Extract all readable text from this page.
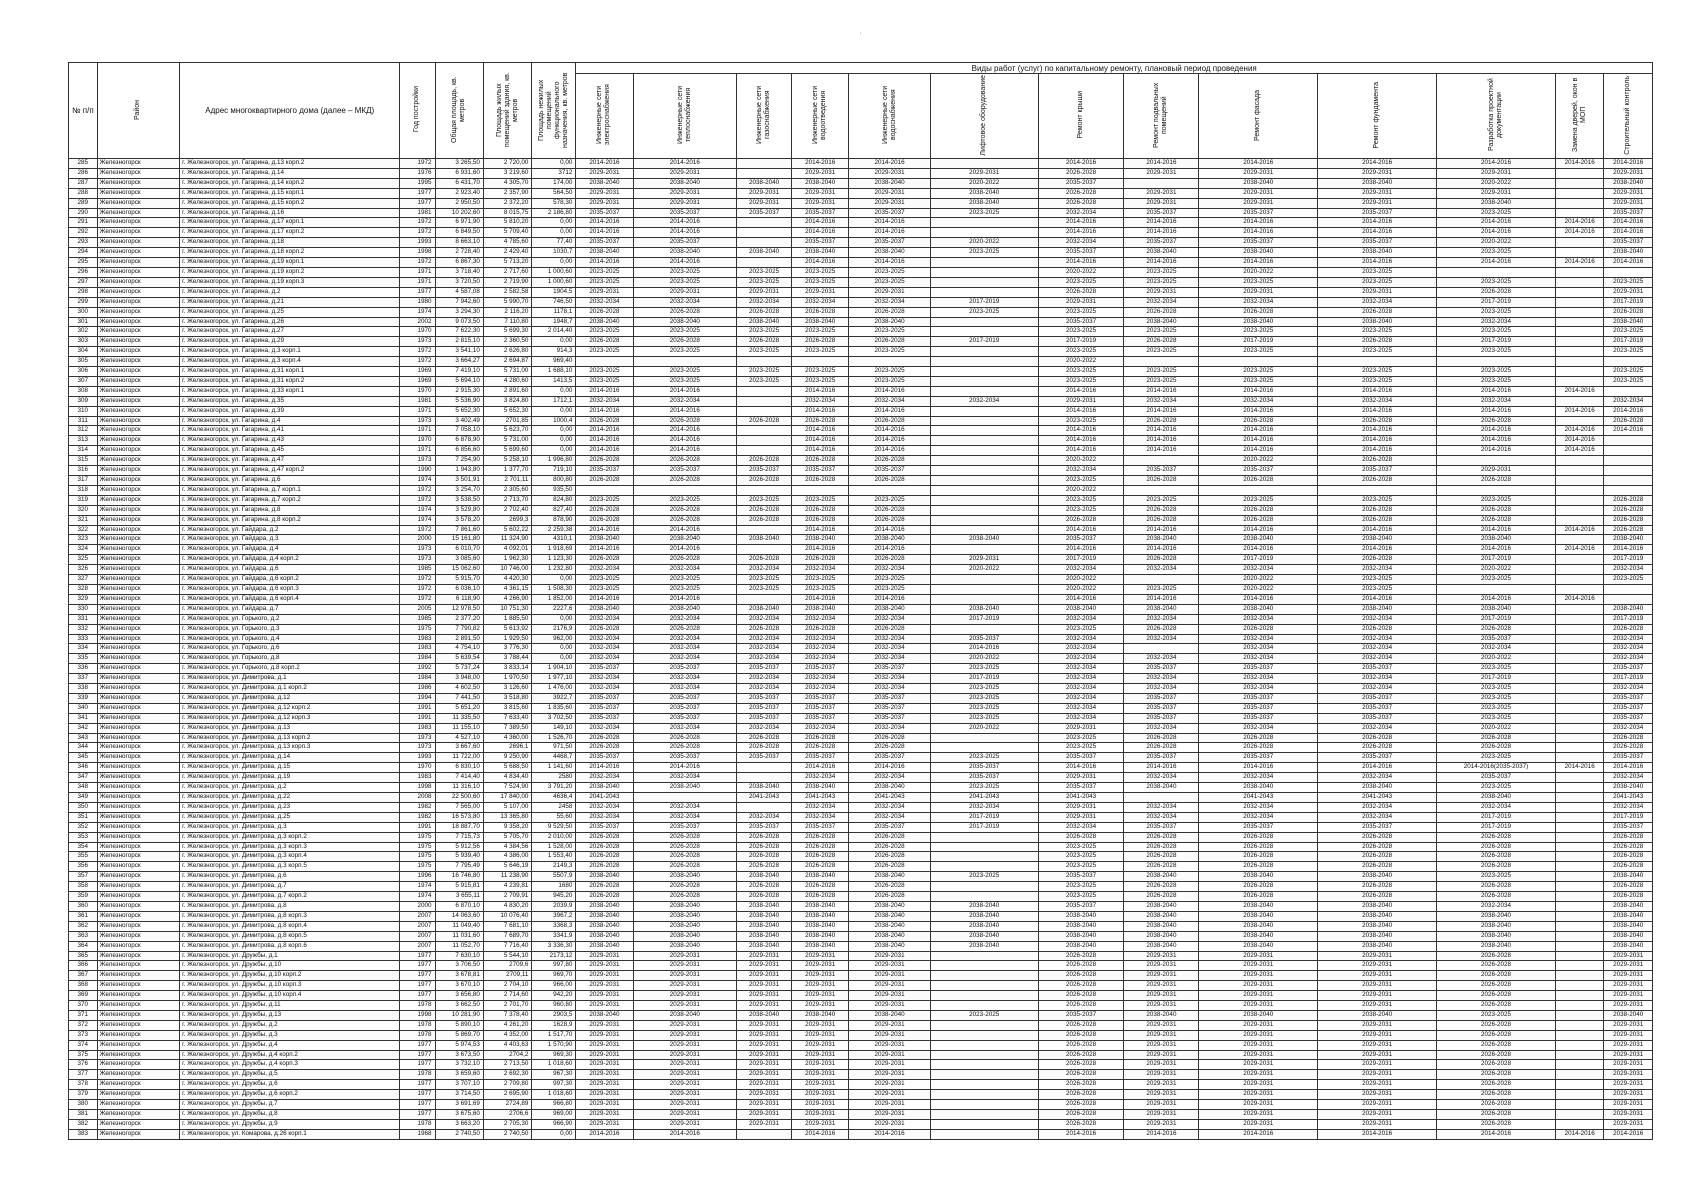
'
№ п/п	Район	Адрес многоквартирного дома (далее – МКД)	Год постройки	Общая площадь, кв. метров	Площадь жилых помещений здания, кв. метров	Площадь нежилых помещений функционального назначения, кв. метров	Виды работ (услуг) по капитальному ремонту, плановый период проведения												
							Инженерные сети электроснабжения	Инженерные сети теплоснабжения	Инженерные сети газоснабжения	Инженерные сети водоотведения	Инженерные сети водоснабжения	Лифтовое оборудование	Ремонт крыши	Ремонт подвальных помещений	Ремонт фасада	Ремонт фундамента	Разработка проектной документации	Замена дверей, окон в МОП	Строительный контроль
285	Железногорск	г. Железногорск, ул. Гагарина, д.13 корп.2	1972	3 265,50	2 720,00	0,00	2014-2016	2014-2016		2014-2016	2014-2016		2014-2016	2014-2016	2014-2016	2014-2016	2014-2016	2014-2016	2014-2016
286	Железногорск	г. Железногорск, ул. Гагарина, д.14	1976	6 931,60	3 219,60	3712	2029-2031	2029-2031		2029-2031	2029-2031	2029-2031	2026-2028	2029-2031	2029-2031	2029-2031	2029-2031		2029-2031
287	Железногорск	г. Железногорск, ул. Гагарина, д.14 корп.2	1995	6 431,70	4 305,70	174,00	2038-2040	2038-2040	2038-2040	2038-2040	2038-2040	2020-2022	2035-2037		2038-2040	2038-2040	2020-2022		2038-2040
288	Железногорск	г. Железногорск, ул. Гагарина, д.15 корп.1	1977	2 923,40	2 357,90	564,50	2029-2031	2029-2031	2029-2031	2029-2031	2029-2031	2038-2040	2026-2028	2029-2031	2029-2031	2029-2031	2029-2031		2029-2031
289	Железногорск	г. Железногорск, ул. Гагарина, д.15 корп.2	1977	2 950,50	2 372,20	578,30	2029-2031	2029-2031	2029-2031	2029-2031	2029-2031	2038-2040	2026-2028	2029-2031	2029-2031	2029-2031	2038-2040		2029-2031
290	Железногорск	г. Железногорск, ул. Гагарина, д.16	1981	10 202,60	8 015,75	2 186,80	2035-2037	2035-2037	2035-2037	2035-2037	2035-2037	2023-2025	2032-2034	2035-2037	2035-2037	2035-2037	2023-2025		2035-2037
291	Железногорск	г. Железногорск, ул. Гагарина, д.17 корп.1	1972	6 971,90	5 810,20	0,00	2014-2016	2014-2016		2014-2016	2014-2016		2014-2016	2014-2016	2014-2016	2014-2016	2014-2016	2014-2016	2014-2016
292	Железногорск	г. Железногорск, ул. Гагарина, д.17 корп.2	1972	6 849,50	5 709,40	0,00	2014-2016	2014-2016		2014-2016	2014-2016		2014-2016	2014-2016	2014-2016	2014-2016	2014-2016	2014-2016	2014-2016
293	Железногорск	г. Железногорск, ул. Гагарина, д.18	1993	8 663,10	4 785,60	77,40	2035-2037	2035-2037		2035-2037	2035-2037	2020-2022	2032-2034	2035-2037	2035-2037	2035-2037	2020-2022		2035-2037
294	Железногорск	г. Железногорск, ул. Гагарина, д.18 корп.2	1998	2 728,40	2 429,40	1030,7	2038-2040	2038-2040	2038-2040	2038-2040	2038-2040	2023-2025	2035-2037	2038-2040	2038-2040	2038-2040	2023-2025		2038-2040
295	Железногорск	г. Железногорск, ул. Гагарина, д.19 корп.1	1972	6 867,30	5 713,20	0,00	2014-2016	2014-2016		2014-2016	2014-2016		2014-2016	2014-2016	2014-2016	2014-2016	2014-2016	2014-2016	2014-2016
296	Железногорск	г. Железногорск, ул. Гагарина, д.19 корп.2	1971	3 718,40	2 717,60	1 000,60	2023-2025	2023-2025	2023-2025	2023-2025	2023-2025		2020-2022	2023-2025	2020-2022	2023-2025			
297	Железногорск	г. Железногорск, ул. Гагарина, д.19 корп.3	1971	3 720,50	2 719,90	1 000,60	2023-2025	2023-2025	2023-2025	2023-2025	2023-2025		2023-2025	2023-2025	2023-2025	2023-2025	2023-2025		2023-2025
298	Железногорск	г. Железногорск, ул. Гагарина, д.2	1977	4 587,08	2 582,58	1904,5	2029-2031	2029-2031	2029-2031	2029-2031	2029-2031		2026-2028	2029-2031	2029-2031	2029-2031	2026-2028		2029-2031
299	Железногорск	г. Железногорск, ул. Гагарина, д.21	1980	7 942,60	5 990,70	746,50	2032-2034	2032-2034	2032-2034	2032-2034	2032-2034	2017-2019	2029-2031	2032-2034	2032-2034	2032-2034	2017-2019		2017-2019
300	Железногорск	г. Железногорск, ул. Гагарина, д.25	1974	3 294,30	2 116,20	1178,1	2026-2028	2026-2028	2026-2028	2026-2028	2026-2028	2023-2025	2023-2025	2026-2028	2026-2028	2026-2028	2023-2025		2026-2028
301	Железногорск	г. Железногорск, ул. Гагарина, д.26	2002	9 073,50	7 110,80	1948,7	2038-2040	2038-2040	2038-2040	2038-2040	2038-2040		2035-2037	2038-2040	2038-2040	2038-2040	2032-2034		2038-2040
302	Железногорск	г. Железногорск, ул. Гагарина, д.27	1970	7 622,30	5 699,30	2 014,40	2023-2025	2023-2025	2023-2025	2023-2025	2023-2025		2023-2025	2023-2025	2023-2025	2023-2025	2023-2025		2023-2025
303	Железногорск	г. Железногорск, ул. Гагарина, д.29	1973	2 815,10	2 360,50	0,00	2026-2028	2026-2028	2026-2028	2026-2028	2026-2028	2017-2019	2017-2019	2026-2028	2017-2019	2026-2028	2017-2019		2017-2019
304	Железногорск	г. Железногорск, ул. Гагарина, д.3 корп.1	1972	3 541,10	2 626,80	914,3	2023-2025	2023-2025	2023-2025	2023-2025	2023-2025		2023-2025	2023-2025	2023-2025	2023-2025	2023-2025		2023-2025
305	Железногорск	г. Железногорск, ул. Гагарина, д.3 корп.4	1972	3 664,27	2 694,87	969,40							2020-2022						
306	Железногорск	г. Железногорск, ул. Гагарина, д.31 корп.1	1969	7 419,10	5 731,00	1 688,10	2023-2025	2023-2025	2023-2025	2023-2025	2023-2025		2023-2025	2023-2025	2023-2025	2023-2025	2023-2025		2023-2025
307	Железногорск	г. Железногорск, ул. Гагарина, д.31 корп.2	1969	5 694,10	4 280,60	1413,5	2023-2025	2023-2025	2023-2025	2023-2025	2023-2025		2023-2025	2023-2025	2023-2025	2023-2025	2023-2025		2023-2025
308	Железногорск	г. Железногорск, ул. Гагарина, д.33 корп.1	1970	2 915,30	2 891,60	0,00	2014-2016	2014-2016		2014-2016	2014-2016		2014-2016	2014-2016	2014-2016	2014-2016	2014-2016	2014-2016	
309	Железногорск	г. Железногорск, ул. Гагарина, д.35	1981	5 536,90	3 824,80	1712,1	2032-2034	2032-2034		2032-2034	2032-2034	2032-2034	2029-2031	2032-2034	2032-2034	2032-2034	2032-2034		2032-2034
310	Железногорск	г. Железногорск, ул. Гагарина, д.39	1971	5 652,30	5 652,30	0,00	2014-2016	2014-2016		2014-2016	2014-2016		2014-2016	2014-2016	2014-2016	2014-2016	2014-2016	2014-2016	2014-2016
311	Железногорск	г. Железногорск, ул. Гагарина, д.4	1973	3 402,49	2701,85	1000,4	2026-2028	2026-2028	2026-2028	2026-2028	2026-2028		2023-2025	2026-2028	2026-2028	2026-2028	2026-2028		2026-2028
312	Железногорск	г. Железногорск, ул. Гагарина, д.41	1971	7 058,10	5 623,70	0,00	2014-2016	2014-2016		2014-2016	2014-2016		2014-2016	2014-2016	2014-2016	2014-2016	2014-2016	2014-2016	2014-2016
313	Железногорск	г. Железногорск, ул. Гагарина, д.43	1970	6 878,90	5 731,00	0,00	2014-2016	2014-2016		2014-2016	2014-2016		2014-2016	2014-2016	2014-2016	2014-2016	2014-2016	2014-2016	
314	Железногорск	г. Железногорск, ул. Гагарина, д.45	1971	6 856,60	5 699,60	0,00	2014-2016	2014-2016		2014-2016	2014-2016		2014-2016	2014-2016	2014-2016	2014-2016	2014-2016	2014-2016	
315	Железногорск	г. Железногорск, ул. Гагарина, д.47	1973	7 254,90	5 258,10	1 996,80	2026-2028	2026-2028	2026-2028	2026-2028	2026-2028		2020-2022		2020-2022	2026-2028			
316	Железногорск	г. Железногорск, ул. Гагарина, д.47 корп.2	1990	1 943,80	1 377,70	719,10	2035-2037	2035-2037	2035-2037	2035-2037	2035-2037		2032-2034	2035-2037	2035-2037	2035-2037	2029-2031		
317	Железногорск	г. Железногорск, ул. Гагарина, д.6	1974	3 501,91	2 701,11	800,80	2026-2028	2026-2028	2026-2028	2026-2028	2026-2028		2023-2025	2026-2028	2026-2028	2026-2028	2026-2028		
318	Железногорск	г. Железногорск, ул. Гагарина, д.7 корп.1	1972	3 254,70	2 305,60	935,50							2020-2022						
319	Железногорск	г. Железногорск, ул. Гагарина, д.7 корп.2	1972	3 538,50	2 713,70	824,80	2023-2025	2023-2025	2023-2025	2023-2025	2023-2025		2023-2025	2023-2025	2023-2025	2023-2025	2023-2025		2026-2028
320	Железногорск	г. Железногорск, ул. Гагарина, д.8	1974	3 529,80	2 702,40	827,40	2026-2028	2026-2028	2026-2028	2026-2028	2026-2028		2023-2025	2026-2028	2026-2028	2026-2028	2026-2028		2026-2028
321	Железногорск	г. Железногорск, ул. Гагарина, д.8 корп.2	1974	3 578,20	2699,3	878,90	2026-2028	2026-2028	2026-2028	2026-2028	2026-2028		2026-2028	2026-2028	2026-2028	2026-2028	2026-2028		2026-2028
322	Железногорск	г. Железногорск, ул. Гайдара, д.2	1972	7 861,60	5 602,22	2 259,38	2014-2016	2014-2016		2014-2016	2014-2016		2014-2016	2014-2016	2014-2016	2014-2016	2014-2016	2014-2016	2026-2028
323	Железногорск	г. Железногорск, ул. Гайдара, д.3	2000	15 161,80	11 324,90	4310,1	2038-2040	2038-2040	2038-2040	2038-2040	2038-2040	2038-2040	2035-2037	2038-2040	2038-2040	2038-2040	2038-2040		2038-2040
324	Железногорск	г. Железногорск, ул. Гайдара, д.4	1973	6 010,70	4 092,01	1 918,69	2014-2016	2014-2016		2014-2016	2014-2016		2014-2016	2014-2016	2014-2016	2014-2016	2014-2016	2014-2016	2014-2016
325	Железногорск	г. Железногорск, ул. Гайдара, д.4 корп.2	1973	3 085,60	1 962,30	1 123,30	2026-2028	2026-2028	2026-2028	2026-2028	2026-2028	2029-2031	2017-2019	2026-2028	2017-2019	2026-2028	2017-2019		2017-2019
326	Железногорск	г. Железногорск, ул. Гайдара, д.6	1985	15 062,60	10 746,00	1 232,80	2032-2034	2032-2034	2032-2034	2032-2034	2032-2034	2020-2022	2032-2034	2032-2034	2032-2034	2032-2034	2020-2022		2032-2034
327	Железногорск	г. Железногорск, ул. Гайдара, д.6 корп.2	1972	5 915,70	4 420,30	0,00	2023-2025	2023-2025	2023-2025	2023-2025	2023-2025		2020-2022		2020-2022	2023-2025	2023-2025		2023-2025
328	Железногорск	г. Железногорск, ул. Гайдара, д.6 корп.3	1972	6 036,10	4 361,15	1 508,30	2023-2025	2023-2025	2023-2025	2023-2025	2023-2025		2020-2022	2023-2025	2020-2022	2023-2025			
329	Железногорск	г. Железногорск, ул. Гайдара, д.6 корп.4	1972	6 118,90	4 266,90	1 852,00	2014-2016	2014-2016		2014-2016	2014-2016		2014-2016	2014-2016	2014-2016	2014-2016	2014-2016	2014-2016	
330	Железногорск	г. Железногорск, ул. Гайдара, д.7	2005	12 978,50	10 751,30	2227,6	2038-2040	2038-2040	2038-2040	2038-2040	2038-2040	2038-2040	2038-2040	2038-2040	2038-2040	2038-2040	2038-2040		2038-2040
331	Железногорск	г. Железногорск, ул. Горького, д.2	1985	2 377,20	1 885,50	0,00	2032-2034	2032-2034	2032-2034	2032-2034	2032-2034	2017-2019	2032-2034	2032-2034	2032-2034	2032-2034	2017-2019		2017-2019
332	Железногорск	г. Железногорск, ул. Горького, д.3	1975	7 790,82	5 613,92	2176,9	2026-2028	2026-2028	2026-2028	2026-2028	2026-2028		2023-2025	2026-2028	2026-2028	2026-2028	2026-2028		2026-2028
333	Железногорск	г. Железногорск, ул. Горького, д.4	1983	2 891,50	1 929,50	962,00	2032-2034	2032-2034	2032-2034	2032-2034	2032-2034	2035-2037	2032-2034	2032-2034	2032-2034	2032-2034	2035-2037		2032-2034
334	Железногорск	г. Железногорск, ул. Горького, д.6	1983	4 754,10	3 776,30	0,00	2032-2034	2032-2034	2032-2034	2032-2034	2032-2034	2014-2016	2032-2034		2032-2034	2032-2034	2032-2034		2032-2034
335	Железногорск	г. Железногорск, ул. Горького, д.8	1984	5 639,54	3 788,44	0,00	2032-2034	2032-2034	2032-2034	2032-2034	2032-2034	2020-2022	2032-2034	2032-2034	2032-2034	2032-2034	2020-2022		2032-2034
336	Железногорск	г. Железногорск, ул. Горького, д.8 корп.2	1992	5 737,24	3 833,14	1 904,10	2035-2037	2035-2037	2035-2037	2035-2037	2035-2037	2023-2025	2032-2034	2035-2037	2035-2037	2035-2037	2023-2025		2035-2037
337	Железногорск	г. Железногорск, ул. Димитрова, д.1	1984	3 948,00	1 970,50	1 977,10	2032-2034	2032-2034	2032-2034	2032-2034	2032-2034	2017-2019	2032-2034	2032-2034	2032-2034	2032-2034	2017-2019		2017-2019
338	Железногорск	г. Железногорск, ул. Димитрова, д.1 корп.2	1986	4 602,50	3 126,60	1 476,00	2032-2034	2032-2034	2032-2034	2032-2034	2032-2034	2023-2025	2032-2034	2032-2034	2032-2034	2032-2034	2023-2025		2032-2034
339	Железногорск	г. Железногорск, ул. Димитрова, д.12	1994	7 441,50	3 518,80	3922,7	2035-2037	2035-2037	2035-2037	2035-2037	2035-2037	2023-2025	2032-2034	2035-2037	2035-2037	2035-2037	2023-2025		2035-2037
340	Железногорск	г. Железногорск, ул. Димитрова, д.12 корп.2	1991	5 651,20	3 815,60	1 835,60	2035-2037	2035-2037	2035-2037	2035-2037	2035-2037	2023-2025	2032-2034	2035-2037	2035-2037	2035-2037	2023-2025		2035-2037
341	Железногорск	г. Железногорск, ул. Димитрова, д.12 корп.3	1991	11 335,50	7 633,40	3 702,50	2035-2037	2035-2037	2035-2037	2035-2037	2035-2037	2023-2025	2032-2034	2035-2037	2035-2037	2035-2037	2023-2025		2035-2037
342	Железногорск	г. Железногорск, ул. Димитрова, д.13	1983	11 155,10	7 389,50	149,10	2032-2034	2032-2034	2032-2034	2032-2034	2032-2034	2020-2022	2029-2031	2032-2034	2032-2034	2032-2034	2020-2022		2032-2034
343	Железногорск	г. Железногорск, ул. Димитрова, д.13 корп.2	1973	4 527,10	4 360,00	1 526,70	2026-2028	2026-2028	2026-2028	2026-2028	2026-2028		2023-2025	2026-2028	2026-2028	2026-2028	2026-2028		2026-2028
344	Железногорск	г. Железногорск, ул. Димитрова, д.13 корп.3	1973	3 667,60	2696,1	971,50	2026-2028	2026-2028	2026-2028	2026-2028	2026-2028		2023-2025	2026-2028	2026-2028	2026-2028	2026-2028		2026-2028
345	Железногорск	г. Железногорск, ул. Димитрова, д.14	1993	11 722,00	9 250,90	4468,7	2035-2037	2035-2037	2035-2037	2035-2037	2035-2037	2023-2025	2035-2037	2035-2037	2035-2037	2035-2037	2023-2025		2035-2037
346	Железногорск	г. Железногорск, ул. Димитрова, д.15	1970	6 830,10	5 688,50	1 141,60	2014-2016	2014-2016		2014-2016	2014-2016	2035-2037	2014-2016	2014-2016	2014-2016	2014-2016	2014-2016(2035-2037)	2014-2016	2014-2016
347	Железногорск	г. Железногорск, ул. Димитрова, д.19	1983	7 414,40	4 834,40	2580	2032-2034	2032-2034		2032-2034	2032-2034	2035-2037	2029-2031	2032-2034	2032-2034	2032-2034	2035-2037		2032-2034
348	Железногорск	г. Железногорск, ул. Димитрова, д.2	1998	11 316,10	7 524,90	3 791,20	2038-2040	2038-2040	2038-2040	2038-2040	2038-2040	2023-2025	2035-2037	2038-2040	2038-2040	2038-2040	2023-2025		2038-2040
349	Железногорск	г. Железногорск, ул. Димитрова, д.22	2008	22 500,60	17 840,00	4636,4	2041-2043		2041-2043	2041-2043	2041-2043	2041-2043	2041-2043		2041-2043	2041-2043	2038-2040		2041-2043
350	Железногорск	г. Железногорск, ул. Димитрова, д.23	1982	7 565,00	5 107,00	2458	2032-2034	2032-2034		2032-2034	2032-2034	2032-2034	2029-2031	2032-2034	2032-2034	2032-2034	2032-2034		2032-2034
351	Железногорск	г. Железногорск, ул. Димитрова, д.25	1982	16 573,80	13 365,80	55,60	2032-2034	2032-2034	2032-2034	2032-2034	2032-2034	2017-2019	2029-2031	2032-2034	2032-2034	2032-2034	2017-2019		2017-2019
352	Железногорск	г. Железногорск, ул. Димитрова, д.3	1991	18 887,70	9 358,20	9 529,50	2035-2037	2035-2037	2035-2037	2035-2037	2035-2037	2017-2019	2032-2034	2035-2037	2035-2037	2035-2037	2017-2019		2035-2037
353	Железногорск	г. Железногорск, ул. Димитрова, д.3 корп.2	1975	7 715,73	5 705,70	2 010,00	2026-2028	2026-2028	2026-2028	2026-2028	2026-2028		2026-2028	2026-2028	2026-2028	2026-2028	2026-2028		2026-2028
354	Железногорск	г. Железногорск, ул. Димитрова, д.3 корп.3	1975	5 912,56	4 384,56	1 528,00	2026-2028	2026-2028	2026-2028	2026-2028	2026-2028		2023-2025	2026-2028	2026-2028	2026-2028	2026-2028		2026-2028
355	Железногорск	г. Железногорск, ул. Димитрова, д.3 корп.4	1975	5 939,40	4 386,00	1 553,40	2026-2028	2026-2028	2026-2028	2026-2028	2026-2028		2023-2025	2026-2028	2026-2028	2026-2028	2026-2028		2026-2028
356	Железногорск	г. Железногорск, ул. Димитрова, д.3 корп.5	1975	7 795,49	5 646,19	2149,3	2026-2028	2026-2028	2026-2028	2026-2028	2026-2028		2023-2025	2026-2028	2026-2028	2026-2028	2026-2028		2026-2028
357	Железногорск	г. Железногорск, ул. Димитрова, д.6	1996	16 746,80	11 238,90	5507,9	2038-2040	2038-2040	2038-2040	2038-2040	2038-2040	2023-2025	2035-2037	2038-2040	2038-2040	2038-2040	2023-2025		2038-2040
358	Железногорск	г. Железногорск, ул. Димитрова, д.7	1974	5 915,81	4 239,81	1680	2026-2028	2026-2028	2026-2028	2026-2028	2026-2028		2023-2025	2026-2028	2026-2028	2026-2028	2026-2028		2026-2028
359	Железногорск	г. Железногорск, ул. Димитрова, д.7 корп.2	1974	3 655,11	2 709,91	945,20	2026-2028	2026-2028	2026-2028	2026-2028	2026-2028		2023-2025	2026-2028	2026-2028	2026-2028	2026-2028		2026-2028
360	Железногорск	г. Железногорск, ул. Димитрова, д.8	2000	6 870,10	4 830,20	2039,9	2038-2040	2038-2040	2038-2040	2038-2040	2038-2040	2038-2040	2035-2037	2038-2040	2038-2040	2038-2040	2032-2034		2038-2040
361	Железногорск	г. Железногорск, ул. Димитрова, д.8 корп.3	2007	14 063,60	10 076,40	3967,2	2038-2040	2038-2040	2038-2040	2038-2040	2038-2040	2038-2040	2038-2040	2038-2040	2038-2040	2038-2040	2038-2040		2038-2040
362	Железногорск	г. Железногорск, ул. Димитрова, д.8 корп.4	2007	11 049,40	7 681,10	3368,3	2038-2040	2038-2040	2038-2040	2038-2040	2038-2040	2038-2040	2038-2040	2038-2040	2038-2040	2038-2040	2038-2040		2038-2040
363	Железногорск	г. Железногорск, ул. Димитрова, д.8 корп.5	2007	11 031,60	7 689,70	3341,9	2038-2040	2038-2040	2038-2040	2038-2040	2038-2040	2038-2040	2038-2040	2038-2040	2038-2040	2038-2040	2038-2040		2038-2040
364	Железногорск	г. Железногорск, ул. Димитрова, д.8 корп.6	2007	11 052,70	7 716,40	3 336,30	2038-2040	2038-2040	2038-2040	2038-2040	2038-2040	2038-2040	2038-2040	2038-2040	2038-2040	2038-2040	2038-2040		2038-2040
365	Железногорск	г. Железногорск, ул. Дружбы, д.1	1977	7 630,10	5 544,10	2173,12	2029-2031	2029-2031	2029-2031	2029-2031	2029-2031		2026-2028	2029-2031	2029-2031	2029-2031	2026-2028		2029-2031
366	Железногорск	г. Железногорск, ул. Дружбы, д.10	1977	3 706,50	2709,6	997,80	2029-2031	2029-2031	2029-2031	2029-2031	2029-2031		2026-2028	2029-2031	2029-2031	2029-2031	2026-2028		2029-2031
367	Железногорск	г. Железногорск, ул. Дружбы, д.10 корп.2	1977	3 678,81	2709,11	969,70	2029-2031	2029-2031	2029-2031	2029-2031	2029-2031		2026-2028	2029-2031	2029-2031	2029-2031	2026-2028		2029-2031
368	Железногорск	г. Железногорск, ул. Дружбы, д.10 корп.3	1977	3 670,10	2 704,10	966,00	2029-2031	2029-2031	2029-2031	2029-2031	2029-2031		2026-2028	2029-2031	2029-2031	2029-2031	2026-2028		2029-2031
369	Железногорск	г. Железногорск, ул. Дружбы, д.10 корп.4	1977	3 656,80	2 714,60	942,20	2029-2031	2029-2031	2029-2031	2029-2031	2029-2031		2026-2028	2029-2031	2029-2031	2029-2031	2026-2028		2029-2031
370	Железногорск	г. Железногорск, ул. Дружбы, д.11	1978	3 662,50	2 701,70	960,80	2029-2031	2029-2031	2029-2031	2029-2031	2029-2031		2026-2028	2029-2031	2029-2031	2029-2031	2026-2028		2029-2031
371	Железногорск	г. Железногорск, ул. Дружбы, д.13	1998	10 281,90	7 378,40	2903,5	2038-2040	2038-2040	2038-2040	2038-2040	2038-2040	2023-2025	2035-2037	2038-2040	2038-2040	2038-2040	2023-2025		2038-2040
372	Железногорск	г. Железногорск, ул. Дружбы, д.2	1978	5 890,10	4 261,20	1628,9	2029-2031	2029-2031	2029-2031	2029-2031	2029-2031		2026-2028	2029-2031	2029-2031	2029-2031	2026-2028		2029-2031
373	Железногорск	г. Железногорск, ул. Дружбы, д.3	1978	5 869,70	4 352,00	1 517,70	2029-2031	2029-2031	2029-2031	2029-2031	2029-2031		2026-2028	2029-2031	2029-2031	2029-2031	2026-2028		2029-2031
374	Железногорск	г. Железногорск, ул. Дружбы, д.4	1977	5 974,53	4 403,63	1 570,90	2029-2031	2029-2031	2029-2031	2029-2031	2029-2031		2026-2028	2029-2031	2029-2031	2029-2031	2026-2028		2029-2031
375	Железногорск	г. Железногорск, ул. Дружбы, д.4 корп.2	1977	3 673,50	2704,2	969,30	2029-2031	2029-2031	2029-2031	2029-2031	2029-2031		2026-2028	2029-2031	2029-2031	2029-2031	2026-2028		2029-2031
376	Железногорск	г. Железногорск, ул. Дружбы, д.4 корп.3	1977	3 732,10	2 713,50	1 018,60	2029-2031	2029-2031	2029-2031	2029-2031	2029-2031		2026-2028	2029-2031	2029-2031	2029-2031	2026-2028		2029-2031
377	Железногорск	г. Железногорск, ул. Дружбы, д.5	1978	3 659,60	2 692,30	967,30	2029-2031	2029-2031	2029-2031	2029-2031	2029-2031		2026-2028	2029-2031	2029-2031	2029-2031	2026-2028		2029-2031
378	Железногорск	г. Железногорск, ул. Дружбы, д.6	1977	3 707,10	2 709,80	997,30	2029-2031	2029-2031	2029-2031	2029-2031	2029-2031		2026-2028	2029-2031	2029-2031	2029-2031	2026-2028		2029-2031
379	Железногорск	г. Железногорск, ул. Дружбы, д.6 корп.2	1977	3 714,50	2 695,90	1 018,60	2029-2031	2029-2031	2029-2031	2029-2031	2029-2031		2026-2028	2029-2031	2029-2031	2029-2031	2026-2028		2029-2031
380	Железногорск	г. Железногорск, ул. Дружбы, д.7	1977	3 691,69	2724,89	966,80	2029-2031	2029-2031	2029-2031	2029-2031	2029-2031		2026-2028	2029-2031	2029-2031	2029-2031	2026-2028		2029-2031
381	Железногорск	г. Железногорск, ул. Дружбы, д.8	1977	3 675,60	2706,6	969,00	2029-2031	2029-2031	2029-2031	2029-2031	2029-2031		2026-2028	2029-2031	2029-2031	2029-2031	2026-2028		2029-2031
382	Железногорск	г. Железногорск, ул. Дружбы, д.9	1978	3 663,20	2 705,30	966,90	2029-2031	2029-2031	2029-2031	2029-2031	2029-2031		2026-2028	2029-2031	2029-2031	2029-2031	2026-2028		2029-2031
383	Железногорск	г. Железногорск, ул. Комарова, д.26 корп.1	1968	2 740,50	2 740,50	0,00	2014-2016	2014-2016		2014-2016	2014-2016		2014-2016	2014-2016	2014-2016	2014-2016	2014-2016	2014-2016	2014-2016
